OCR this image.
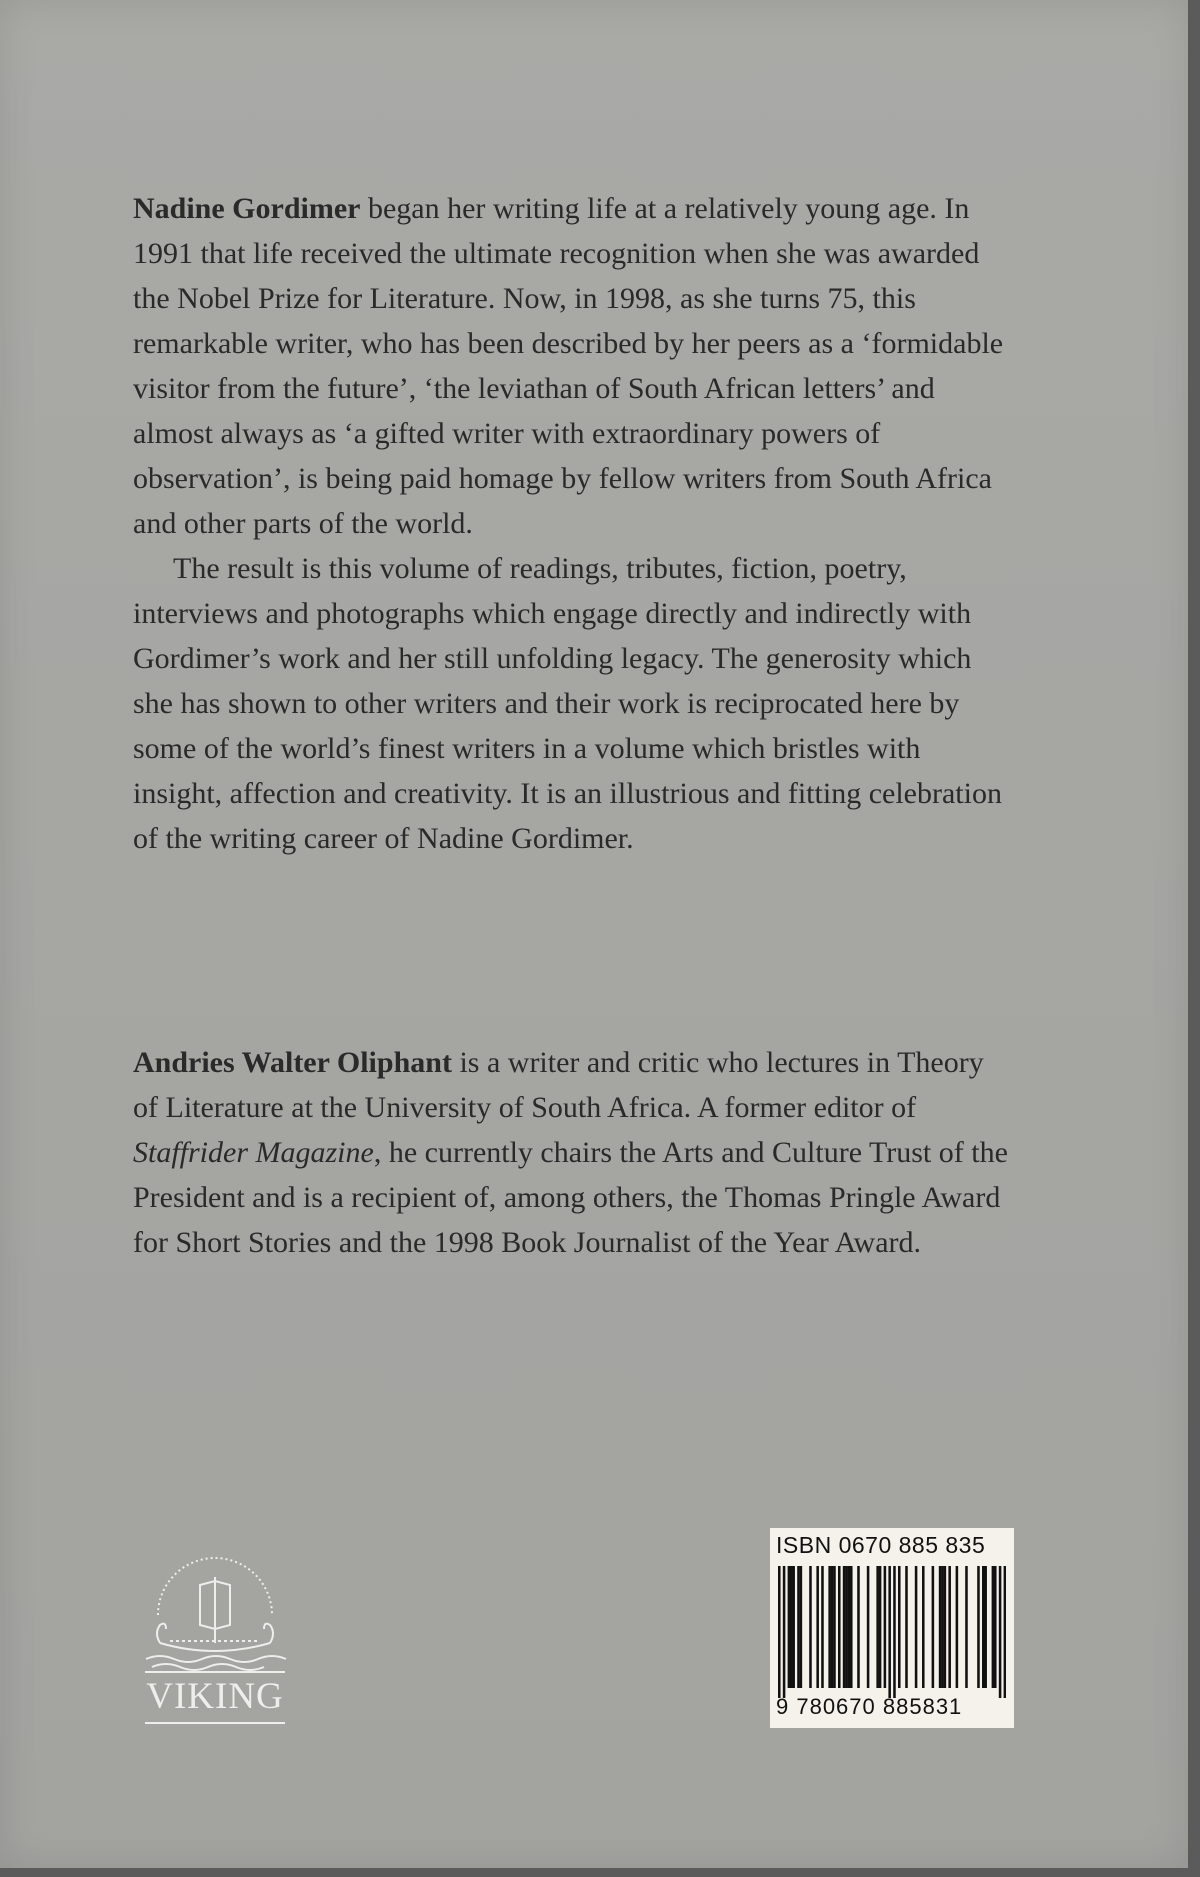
Nadine Gordimer began her writing life at a relatively young age. In 1991 that life received the ultimate recognition when she was awarded the Nobel Prize for Literature. Now, in 1998, as she turns 75, this remarkable writer, who has been described by her peers as a ‘formidable visitor from the future’, ‘the leviathan of South African letters’ and almost always as ‘a gifted writer with extraordinary powers of observation’, is being paid homage by fellow writers from South Africa and other parts of the world.

The result is this volume of readings, tributes, fiction, poetry, interviews and photographs which engage directly and indirectly with Gordimer’s work and her still unfolding legacy. The generosity which she has shown to other writers and their work is reciprocated here by some of the world’s finest writers in a volume which bristles with insight, affection and creativity. It is an illustrious and fitting celebration of the writing career of Nadine Gordimer.

Andries Walter Oliphant is a writer and critic who lectures in Theory of Literature at the University of South Africa. A former editor of Staffrider Magazine, he currently chairs the Arts and Culture Trust of the President and is a recipient of, among others, the Thomas Pringle Award for Short Stories and the 1998 Book Journalist of the Year Award.

VIKING
ISBN 0670 885 835
9 780670 885831
